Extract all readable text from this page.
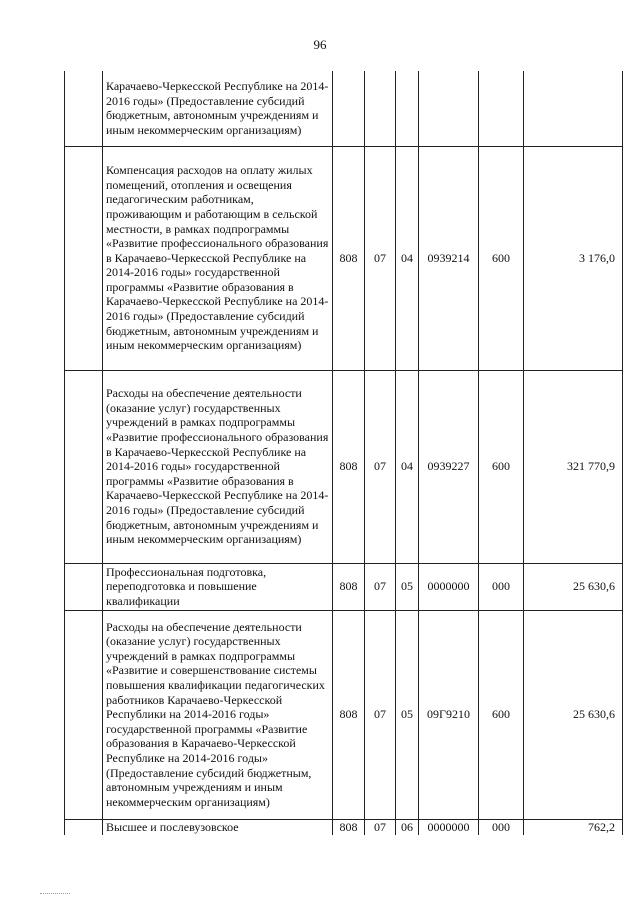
96
	Карачаево-Черкесской Республике на 2014-2016 годы» (Предоставление субсидий бюджетным, автономным учреждениям и иным некоммерческим организациям)						
	Компенсация расходов на оплату жилых помещений, отопления и освещения педагогическим работникам, проживающим и работающим в сельской местности, в рамках подпрограммы «Развитие профессионального образования в Карачаево-Черкесской Республике на 2014-2016 годы» государственной программы «Развитие образования в Карачаево-Черкесской Республике на 2014-2016 годы» (Предоставление субсидий бюджетным, автономным учреждениям и иным некоммерческим организациям)	808	07	04	0939214	600	3 176,0
	Расходы на обеспечение деятельности (оказание услуг) государственных учреждений в рамках подпрограммы «Развитие профессионального образования в Карачаево-Черкесской Республике на 2014-2016 годы» государственной программы «Развитие образования в Карачаево-Черкесской Республике на 2014-2016 годы» (Предоставление субсидий бюджетным, автономным учреждениям и иным некоммерческим организациям)	808	07	04	0939227	600	321 770,9
	Профессиональная подготовка, переподготовка и повышение квалификации	808	07	05	0000000	000	25 630,6
	Расходы на обеспечение деятельности (оказание услуг) государственных учреждений в рамках подпрограммы «Развитие и совершенствование системы повышения квалификации педагогических работников Карачаево-Черкесской Республики на 2014-2016 годы» государственной программы «Развитие образования в Карачаево-Черкесской Республике на 2014-2016 годы» (Предоставление субсидий бюджетным, автономным учреждениям и иным некоммерческим организациям)	808	07	05	09Г9210	600	25 630,6
	Высшее и послевузовское	808	07	06	0000000	000	762,2
